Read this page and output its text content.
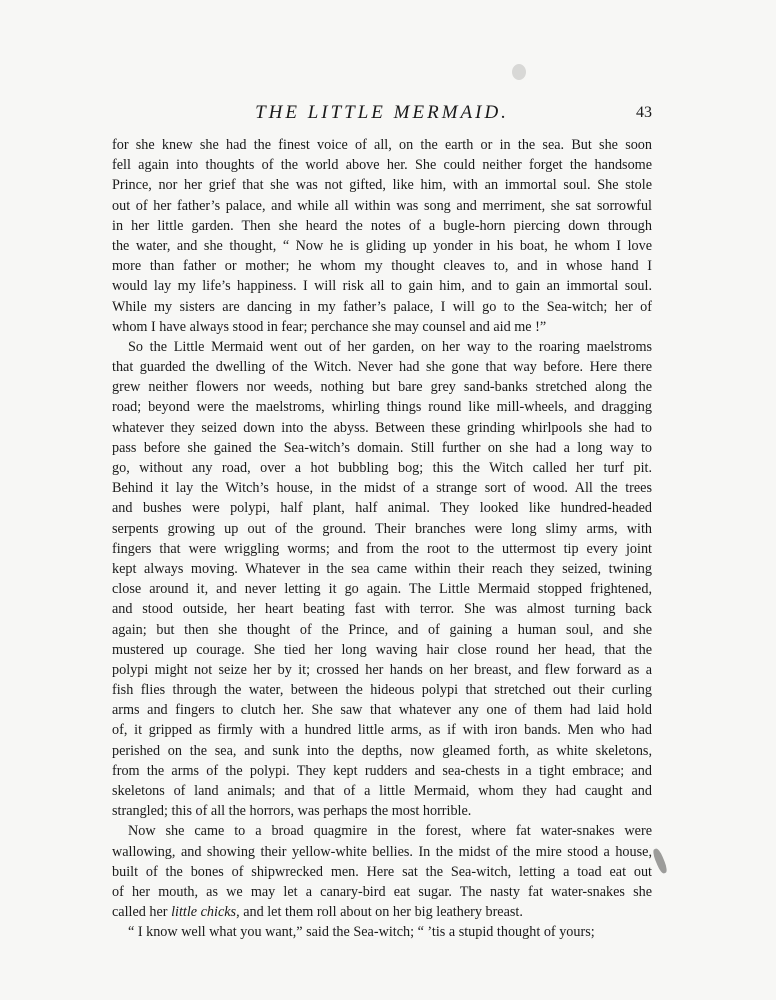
THE LITTLE MERMAID.	43
for she knew she had the finest voice of all, on the earth or in the sea. But she soon
fell again into thoughts of the world above her. She could neither forget the handsome
Prince, nor her grief that she was not gifted, like him, with an immortal soul. She stole
out of her father’s palace, and while all within was song and merriment, she sat sorrowful
in her little garden. Then she heard the notes of a bugle-horn piercing down through
the water, and she thought, “ Now he is gliding up yonder in his boat, he whom I love
more than father or mother; he whom my thought cleaves to, and in whose hand I
would lay my life’s happiness. I will risk all to gain him, and to gain an immortal soul.
While my sisters are dancing in my father’s palace, I will go to the Sea-witch; her of
whom I have always stood in fear; perchance she may counsel and aid me !”
So the Little Mermaid went out of her garden, on her way to the roaring maelstroms
that guarded the dwelling of the Witch. Never had she gone that way before. Here there
grew neither flowers nor weeds, nothing but bare grey sand-banks stretched along the
road; beyond were the maelstroms, whirling things round like mill-wheels, and dragging
whatever they seized down into the abyss. Between these grinding whirlpools she had to
pass before she gained the Sea-witch’s domain. Still further on she had a long way to
go, without any road, over a hot bubbling bog; this the Witch called her turf pit.
Behind it lay the Witch’s house, in the midst of a strange sort of wood. All the trees
and bushes were polypi, half plant, half animal. They looked like hundred-headed
serpents growing up out of the ground. Their branches were long slimy arms, with
fingers that were wriggling worms; and from the root to the uttermost tip every joint
kept always moving. Whatever in the sea came within their reach they seized, twining
close around it, and never letting it go again. The Little Mermaid stopped frightened,
and stood outside, her heart beating fast with terror. She was almost turning back
again; but then she thought of the Prince, and of gaining a human soul, and she
mustered up courage. She tied her long waving hair close round her head, that the
polypi might not seize her by it; crossed her hands on her breast, and flew forward as a
fish flies through the water, between the hideous polypi that stretched out their curling
arms and fingers to clutch her. She saw that whatever any one of them had laid hold
of, it gripped as firmly with a hundred little arms, as if with iron bands. Men who had
perished on the sea, and sunk into the depths, now gleamed forth, as white skeletons,
from the arms of the polypi. They kept rudders and sea-chests in a tight embrace; and
skeletons of land animals; and that of a little Mermaid, whom they had caught and
strangled; this of all the horrors, was perhaps the most horrible.
Now she came to a broad quagmire in the forest, where fat water-snakes were
wallowing, and showing their yellow-white bellies. In the midst of the mire stood a house,
built of the bones of shipwrecked men. Here sat the Sea-witch, letting a toad eat out
of her mouth, as we may let a canary-bird eat sugar. The nasty fat water-snakes she
called her little chicks, and let them roll about on her big leathery breast.
“ I know well what you want,” said the Sea-witch; “ ’tis a stupid thought of yours;
